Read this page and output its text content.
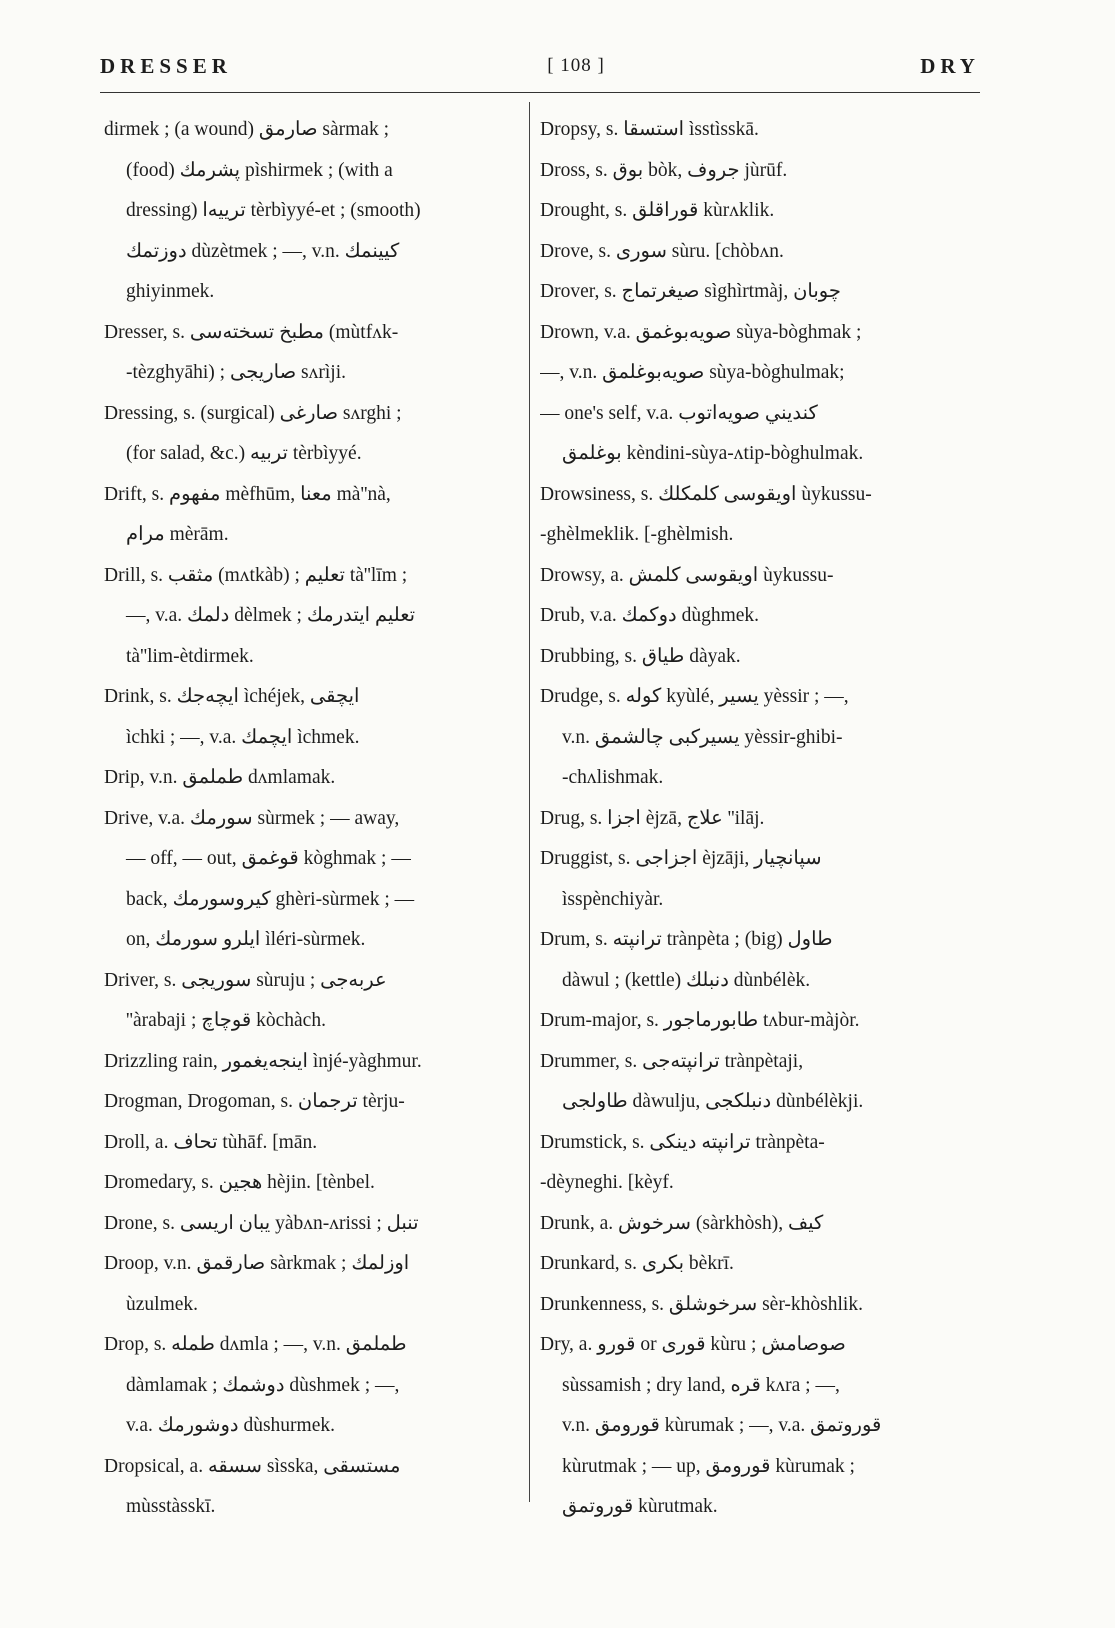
DRESSER	[ 108 ]	DRY
dirmek ; (a wound) صارمق sàrmak ;
(food) پشرمك pìshirmek ; (with a
dressing) ترييه‌ا tèrbìyyé-et ; (smooth)
دوزتمك dùzètmek ; —, v.n. كيينمك
ghiyinmek.
Dresser, s. مطبخ تسخته‌سى (mùtfʌk-
-tèzghyāhi) ; صاريجى sʌrìji.
Dressing, s. (surgical) صارغى sʌrghi ;
(for salad, &c.) تربيه tèrbìyyé.
Drift, s. مفهوم mèfhūm, معنا mà''nà,
مرام mèrām.
Drill, s. مثقب (mʌtkàb) ; تعليم tà''līm ;
—, v.a. دلمك dèlmek ; تعليم ايتدرمك
tà''lim-ètdirmek.
Drink, s. ايچه‌جك ìchéjek, ايچقى
ìchki ; —, v.a. ايچمك ìchmek.
Drip, v.n. طملمق dʌmlamak.
Drive, v.a. سورمك sùrmek ; — away,
— off, — out, قوغمق kòghmak ; —
back, كيروسورمك ghèri-sùrmek ; —
on, ايلرو سورمك ìléri-sùrmek.
Driver, s. سوريجى sùruju ; عربه‌جى
''àrabaji ; قوچاچ kòchàch.
Drizzling rain, اينجه‌يغمور ìnjé-yàghmur.
Drogman, Drogoman, s. ترجمان tèrju-
Droll, a. تحاف tùhāf. [mān.
Dromedary, s. هجين hèjin. [tènbel.
Drone, s. يبان اريسى yàbʌn-ʌrissi ; تنبل
Droop, v.n. صارقمق sàrkmak ; اوزلمك
ùzulmek.
Drop, s. طمله dʌmla ; —, v.n. طملمق
dàmlamak ; دوشمك dùshmek ; —,
v.a. دوشورمك dùshurmek.
Dropsical, a. سسقه sìsska, مستسقى
mùsstàsskī.
Dropsy, s. استسقا ìsstìsskā.
Dross, s. بوق bòk, جروف jùrūf.
Drought, s. قوراقلق kùrʌklik.
Drove, s. سورى sùru. [chòbʌn.
Drover, s. صيغرتماج sìghìrtmàj, چوبان
Drown, v.a. صويه‌بوغمق sùya-bòghmak ;
—, v.n. صويه‌بوغلمق sùya-bòghulmak;
— one's self, v.a. كنديني صويه‌اتوب
بوغلمق kèndini-sùya-ʌtip-bòghulmak.
Drowsiness, s. اويقوسى كلمكلك ùykussu-
-ghèlmeklik. [-ghèlmish.
Drowsy, a. اويقوسى كلمش ùykussu-
Drub, v.a. دوكمك dùghmek.
Drubbing, s. طياق dàyak.
Drudge, s. كوله kyùlé, يسير yèssir ; —,
v.n. يسيركبى چالشمق yèssir-ghibi-
-chʌlishmak.
Drug, s. اجزا èjzā, علاج ''ilāj.
Druggist, s. اجزاجى èjzāji, سپانچيار
ìsspènchiyàr.
Drum, s. ترانپته trànpèta ; (big) طاول
dàwul ; (kettle) دنبلك dùnbélèk.
Drum-major, s. طابورماجور tʌbur-màjòr.
Drummer, s. ترانپته‌جى trànpètaji,
طاولجى dàwulju, دنبلكجى dùnbélèkji.
Drumstick, s. ترانپته دينكى trànpèta-
-dèyneghi. [kèyf.
Drunk, a. سرخوش (sàrkhòsh), كيف
Drunkard, s. بكرى bèkrī.
Drunkenness, s. سرخوشلق sèr-khòshlik.
Dry, a. قورو or قورى kùru ; صوصامش
sùssamish ; dry land, قره kʌra ; —,
v.n. قورومق kùrumak ; —, v.a. قوروتمق
kùrutmak ; — up, قورومق kùrumak ;
قوروتمق kùrutmak.
